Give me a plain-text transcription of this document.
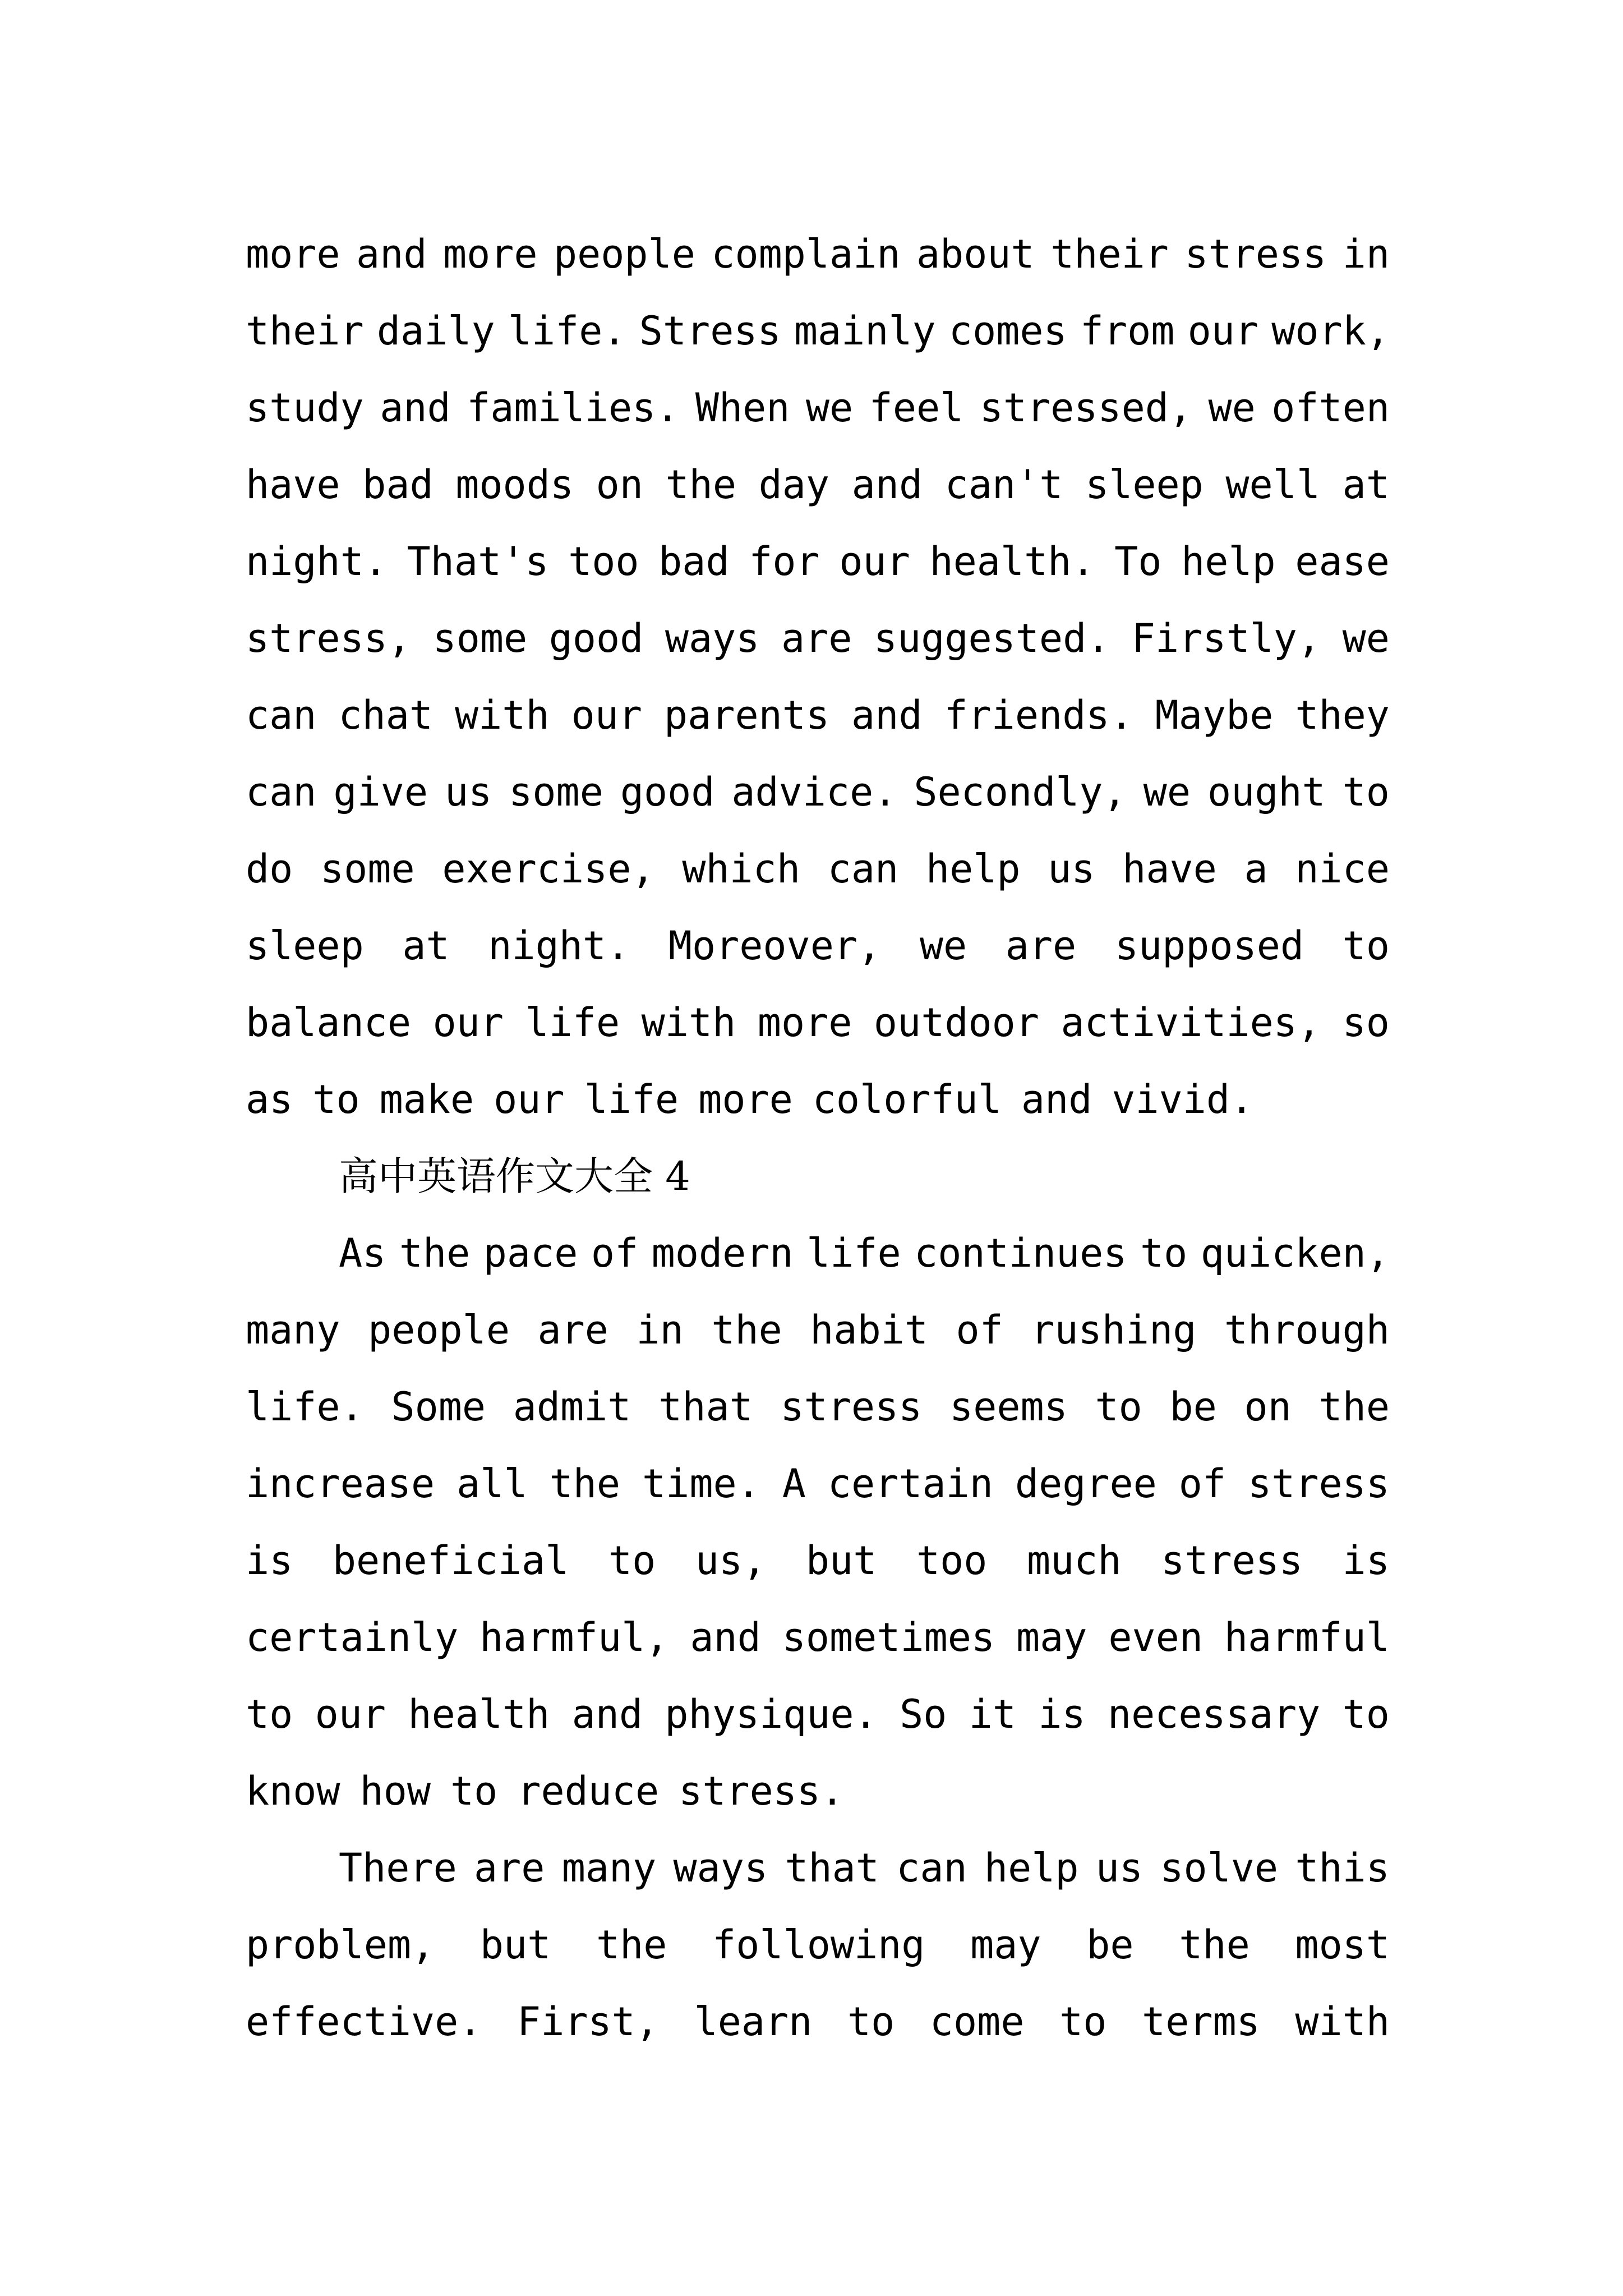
more and more people complain about their stress in
their daily life. Stress mainly comes from our work,
study and families. When we feel stressed, we often
have bad moods on the day and can't sleep well at
night. That's too bad for our health. To help ease
stress, some good ways are suggested. Firstly, we
can chat with our parents and friends. Maybe they
can give us some good advice. Secondly, we ought to
do some exercise, which can help us have a nice
sleep at night. Moreover, we are supposed to
balance our life with more outdoor activities, so
as to make our life more colorful and vivid.
高中英语作文大全 4
As the pace of modern life continues to quicken,
many people are in the habit of rushing through
life. Some admit that stress seems to be on the
increase all the time. A certain degree of stress
is beneficial to us, but too much stress is
certainly harmful, and sometimes may even harmful
to our health and physique. So it is necessary to
know how to reduce stress.
There are many ways that can help us solve this
problem, but the following may be the most
effective. First, learn to come to terms with
